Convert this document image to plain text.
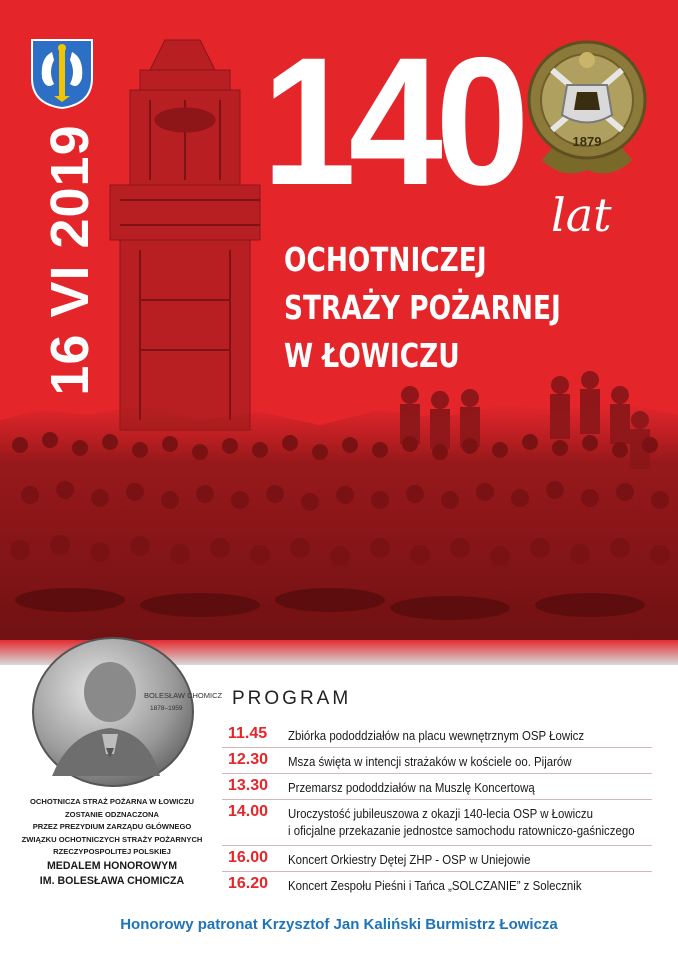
16 VI 2019
140 lat
1879
OCHOTNICZEJ
STRAŻY POŻARNEJ
W ŁOWICZU
BOLESŁAW CHOMICZ
1878–1959
OCHOTNICZA STRAŻ POŻARNA W ŁOWICZU
ZOSTANIE ODZNACZONA
PRZEZ PREZYDIUM ZARZĄDU GŁÓWNEGO
ZWIĄZKU OCHOTNICZYCH STRAŻY POŻARNYCH
RZECZYPOSPOLITEJ POLSKIEJ
MEDALEM HONOROWYM
IM. BOLESŁAWA CHOMICZA
PROGRAM
11.45 Zbiórka pododdziałów na placu wewnętrznym OSP Łowicz
12.30 Msza święta w intencji strażaków w kościele oo. Pijarów
13.30 Przemarsz pododdziałów na Muszlę Koncertową
14.00 Uroczystość jubileuszowa z okazji 140-lecia OSP w Łowiczu
i oficjalne przekazanie jednostce samochodu ratowniczo-gaśniczego
16.00 Koncert Orkiestry Dętej ZHP - OSP w Uniejowie
16.20 Koncert Zespołu Pieśni i Tańca „SOLCZANIE” z Solecznik
Honorowy patronat Krzysztof Jan Kaliński Burmistrz Łowicza
